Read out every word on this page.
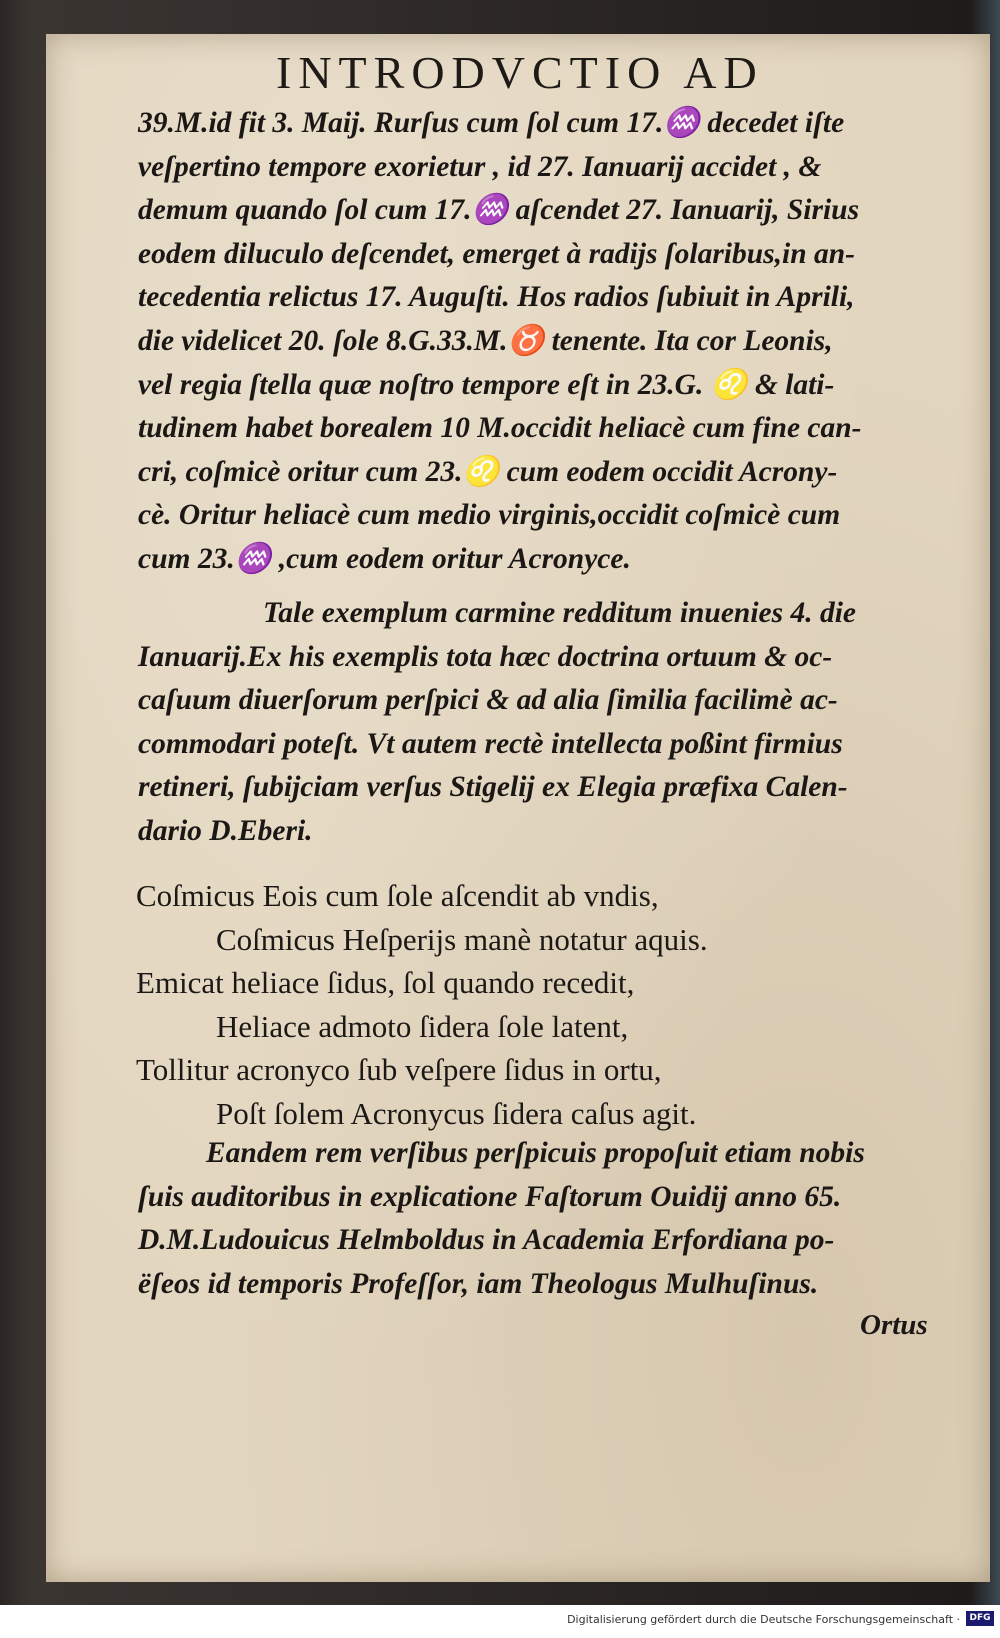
INTRODVCTIO AD
39.M.id fit 3. Maij. Rurſus cum ſol cum 17.♒ decedet iſte
veſpertino tempore exorietur , id 27. Ianuarij accidet , &
demum quando ſol cum 17.♒ aſcendet 27. Ianuarij, Sirius
eodem diluculo deſcendet, emerget à radijs ſolaribus,in an-
tecedentia relictus 17. Auguſti. Hos radios ſubiuit in Aprili,
die videlicet 20. ſole 8.G.33.M.♉ tenente. Ita cor Leonis,
vel regia ſtella quæ noſtro tempore eſt in 23.G. ♌ & lati-
tudinem habet borealem 10 M.occidit heliacè cum fine can-
cri, coſmicè oritur cum 23.♌ cum eodem occidit Acrony-
cè. Oritur heliacè cum medio virginis,occidit coſmicè cum
cum 23.♒ ,cum eodem oritur Acronyce.
Tale exemplum carmine redditum inuenies 4. die
Ianuarij.Ex his exemplis tota hæc doctrina ortuum & oc-
caſuum diuerſorum perſpici & ad alia ſimilia facilimè ac-
commodari poteſt. Vt autem rectè intellecta poßint firmius
retineri, ſubijciam verſus Stigelij ex Elegia præfixa Calen-
dario D.Eberi.
Coſmicus Eois cum ſole aſcendit ab vndis,
Coſmicus Heſperijs manè notatur aquis.
Emicat heliace ſidus, ſol quando recedit,
Heliace admoto ſidera ſole latent,
Tollitur acronyco ſub veſpere ſidus in ortu,
Poſt ſolem Acronycus ſidera caſus agit.
Eandem rem verſibus perſpicuis propoſuit etiam nobis
ſuis auditoribus in explicatione Faſtorum Ouidij anno 65.
D.M.Ludouicus Helmboldus in Academia Erfordiana po-
ëſeos id temporis Profeſſor, iam Theologus Mulhuſinus.
Ortus
Digitalisierung gefördert durch die Deutsche Forschungsgemeinschaft ·	DFG
